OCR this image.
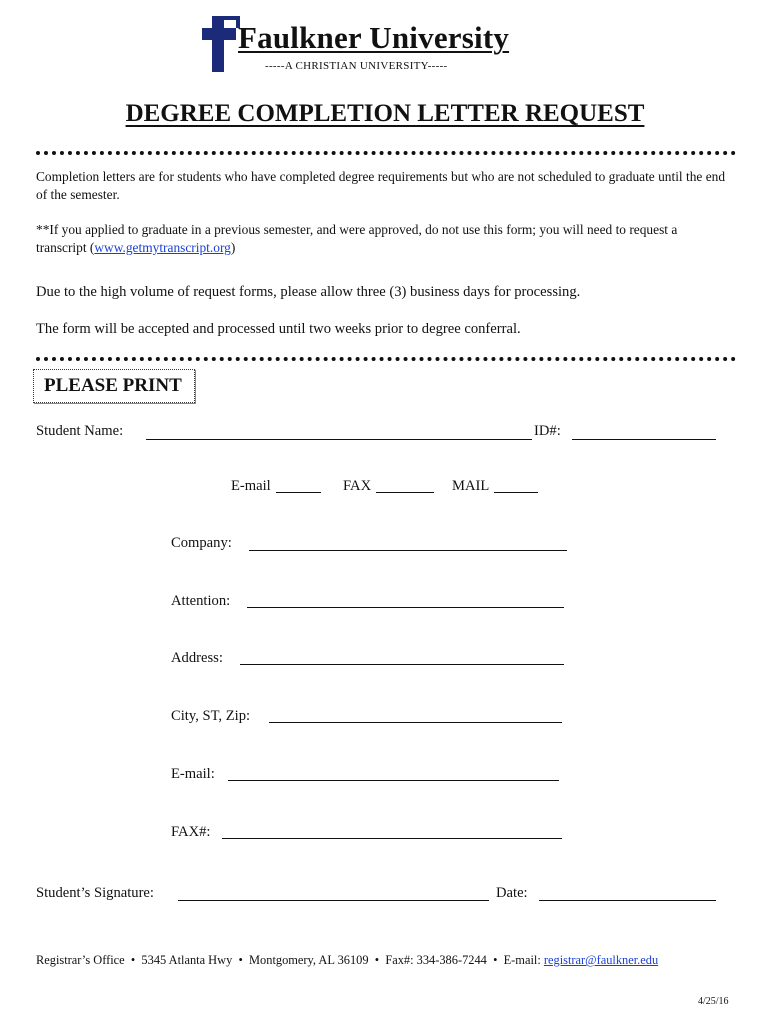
Faulkner University
-----A CHRISTIAN UNIVERSITY-----
DEGREE COMPLETION LETTER REQUEST
Completion letters are for students who have completed degree requirements but who are not scheduled to graduate until the end of the semester.
**If you applied to graduate in a previous semester, and were approved, do not use this form; you will need to request a transcript (www.getmytranscript.org)
Due to the high volume of request forms, please allow three (3) business days for processing.
The form will be accepted and processed until two weeks prior to degree conferral.
PLEASE PRINT
Student Name:	ID#:
E-mail	FAX	MAIL
Company:
Attention:
Address:
City, ST, Zip:
E-mail:
FAX#:
Student’s Signature:	Date:
Registrar’s Office • 5345 Atlanta Hwy • Montgomery, AL 36109 • Fax#: 334-386-7244 • E-mail: registrar@faulkner.edu
4/25/16
